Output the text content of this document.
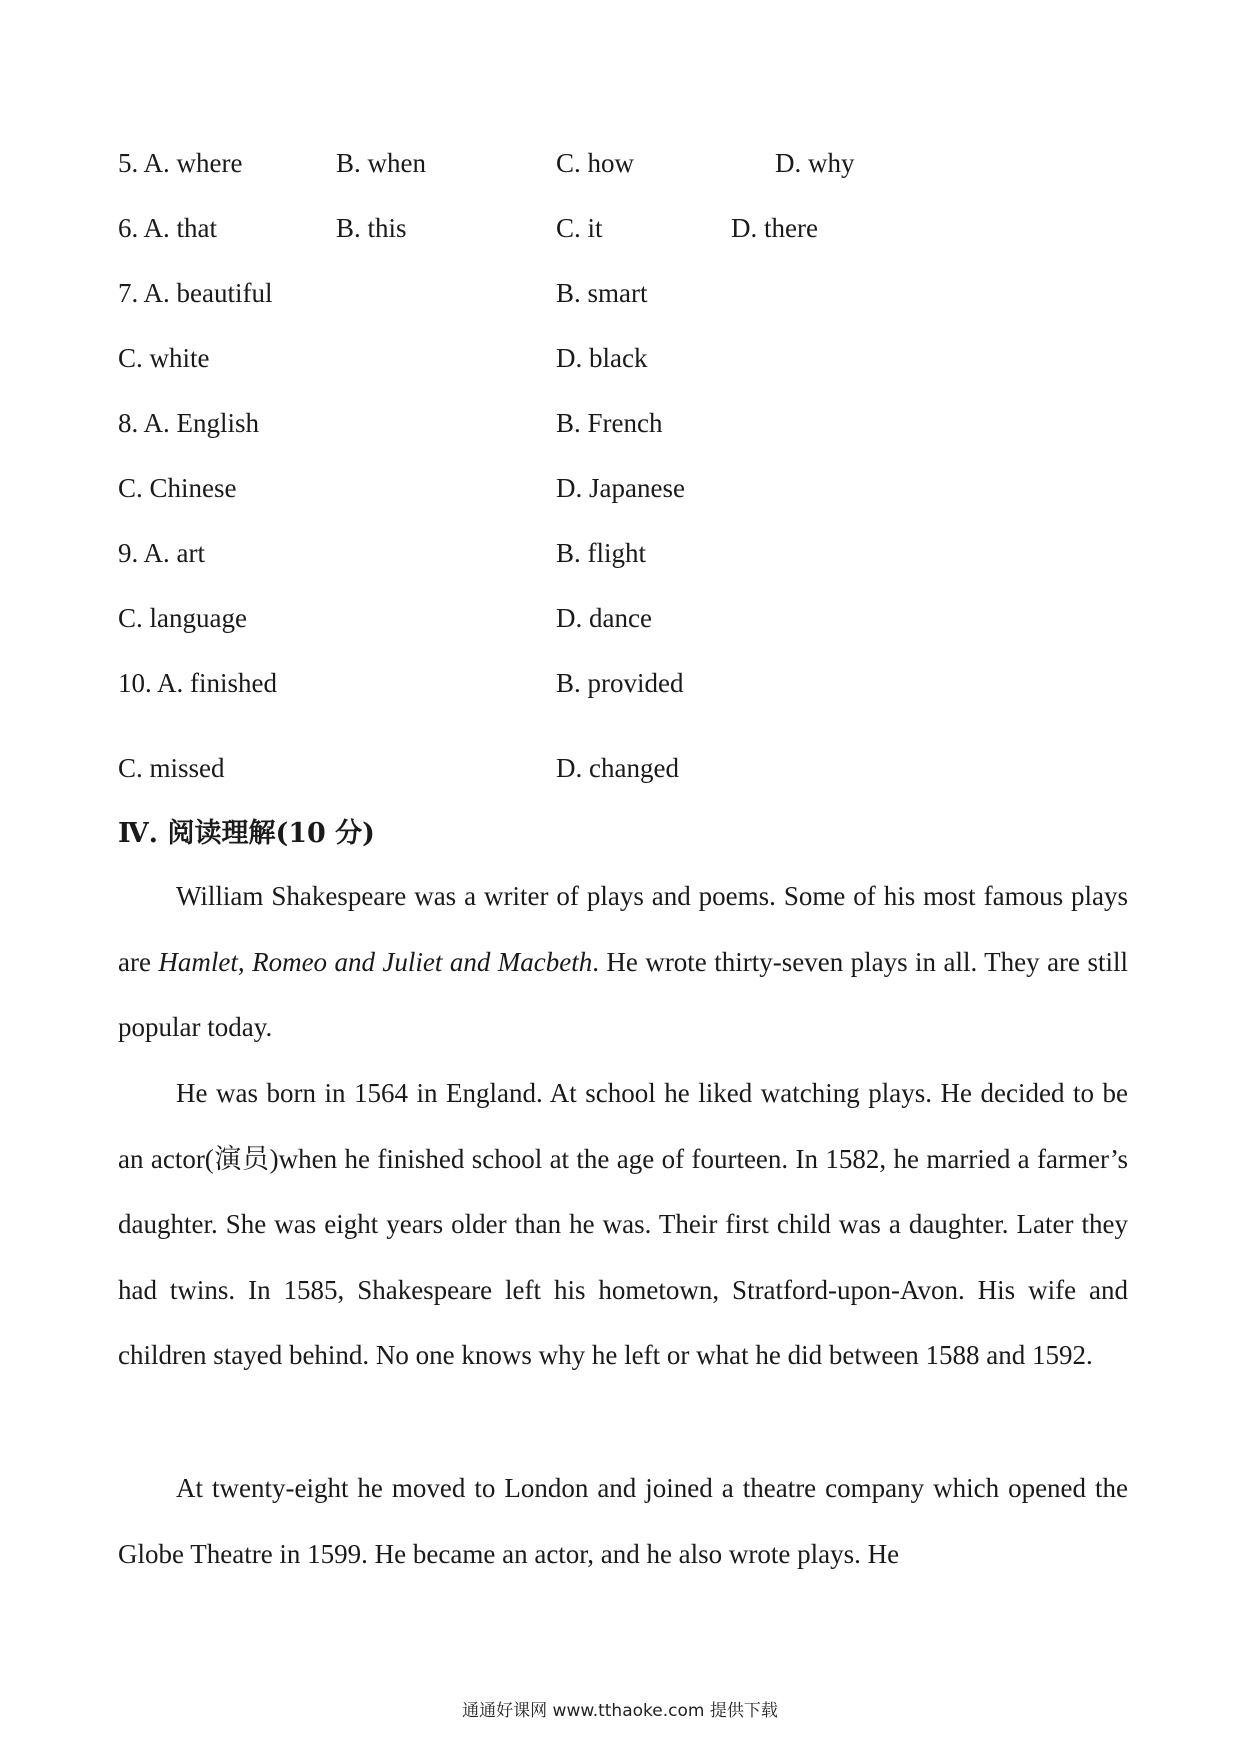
5. A. where	B. when	C. how	D. why
6. A. that	B. this	C. it	D. there
7. A. beautiful	B. smart
C. white	D. black
8. A. English	B. French
C. Chinese	D. Japanese
9. A. art	B. flight
C. language	D. dance
10. A. finished	B. provided
C. missed	D. changed
Ⅳ. 阅读理解(10 分)

William Shakespeare was a writer of plays and poems. Some of his most famous plays are Hamlet, Romeo and Juliet and Macbeth. He wrote thirty-seven plays in all. They are still popular today.

He was born in 1564 in England. At school he liked watching plays. He decided to be an actor(演员)when he finished school at the age of fourteen. In 1582, he married a farmer’s daughter. She was eight years older than he was. Their first child was a daughter. Later they had twins. In 1585, Shakespeare left his hometown, Stratford-upon-Avon. His wife and children stayed behind. No one knows why he left or what he did between 1588 and 1592.

At twenty-eight he moved to London and joined a theatre company which opened the Globe Theatre in 1599. He became an actor, and he also wrote plays. He

通通好课网 www.tthaoke.com 提供下载
